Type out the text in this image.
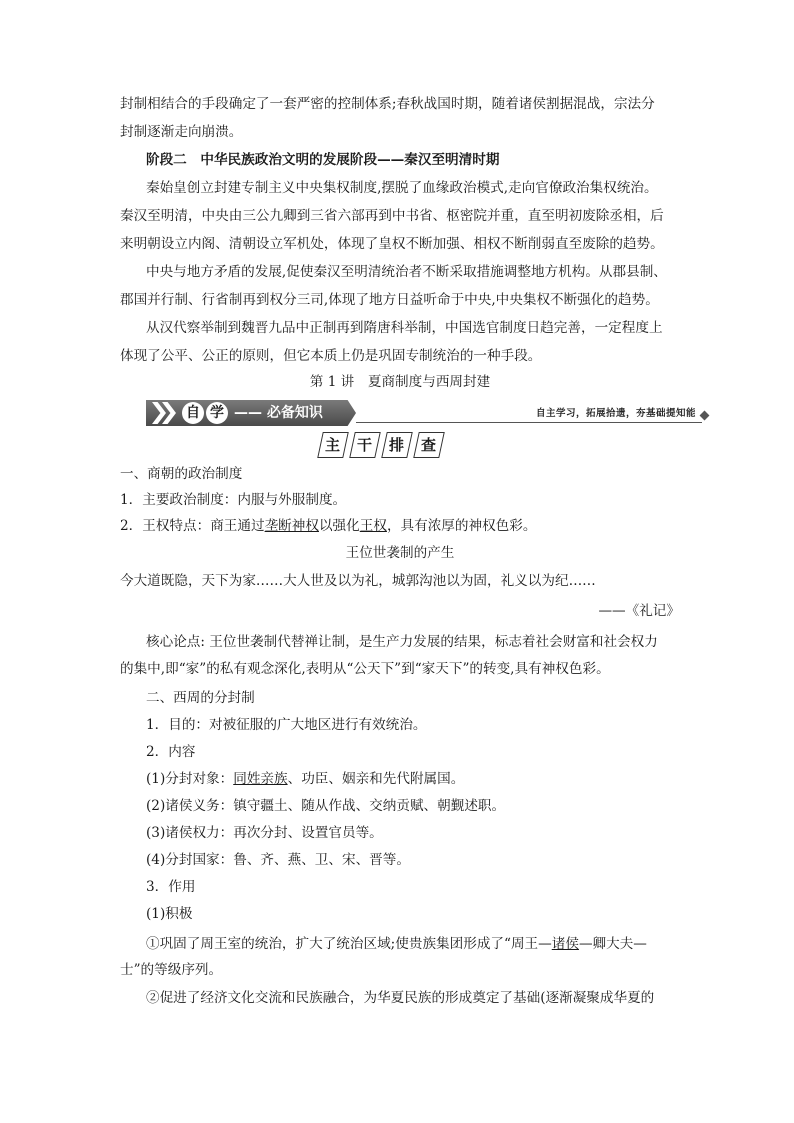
封制相结合的手段确定了一套严密的控制体系;春秋战国时期，随着诸侯割据混战，宗法分
封制逐渐走向崩溃。
阶段二　中华民族政治文明的发展阶段——秦汉至明清时期
秦始皇创立封建专制主义中央集权制度,摆脱了血缘政治模式,走向官僚政治集权统治。
秦汉至明清，中央由三公九卿到三省六部再到中书省、枢密院并重，直至明初废除丞相，后
来明朝设立内阁、清朝设立军机处，体现了皇权不断加强、相权不断削弱直至废除的趋势。
中央与地方矛盾的发展,促使秦汉至明清统治者不断采取措施调整地方机构。从郡县制、
郡国并行制、行省制再到权分三司,体现了地方日益听命于中央,中央集权不断强化的趋势。
从汉代察举制到魏晋九品中正制再到隋唐科举制，中国选官制度日趋完善，一定程度上
体现了公平、公正的原则，但它本质上仍是巩固专制统治的一种手段。
第 1 讲　夏商制度与西周封建
自 学 —— 必备知识	自主学习，拓展拾遗，夯基础提知能
主	干	排	查
一、商朝的政治制度
1．主要政治制度：内服与外服制度。
2．王权特点：商王通过垄断神权以强化王权，具有浓厚的神权色彩。
王位世袭制的产生
今大道既隐，天下为家……大人世及以为礼，城郭沟池以为固，礼义以为纪……
——《礼记》
核心论点: 王位世袭制代替禅让制，是生产力发展的结果，标志着社会财富和社会权力
的集中,即“家”的私有观念深化,表明从“公天下”到“家天下”的转变,具有神权色彩。
二、西周的分封制
1．目的：对被征服的广大地区进行有效统治。
2．内容
(1)分封对象：同姓亲族、功臣、姻亲和先代附属国。
(2)诸侯义务：镇守疆土、随从作战、交纳贡赋、朝觐述职。
(3)诸侯权力：再次分封、设置官员等。
(4)分封国家：鲁、齐、燕、卫、宋、晋等。
3．作用
(1)积极
①巩固了周王室的统治，扩大了统治区域;使贵族集团形成了“周王—诸侯—卿大夫—
士”的等级序列。
②促进了经济文化交流和民族融合，为华夏民族的形成奠定了基础(逐渐凝聚成华夏的
